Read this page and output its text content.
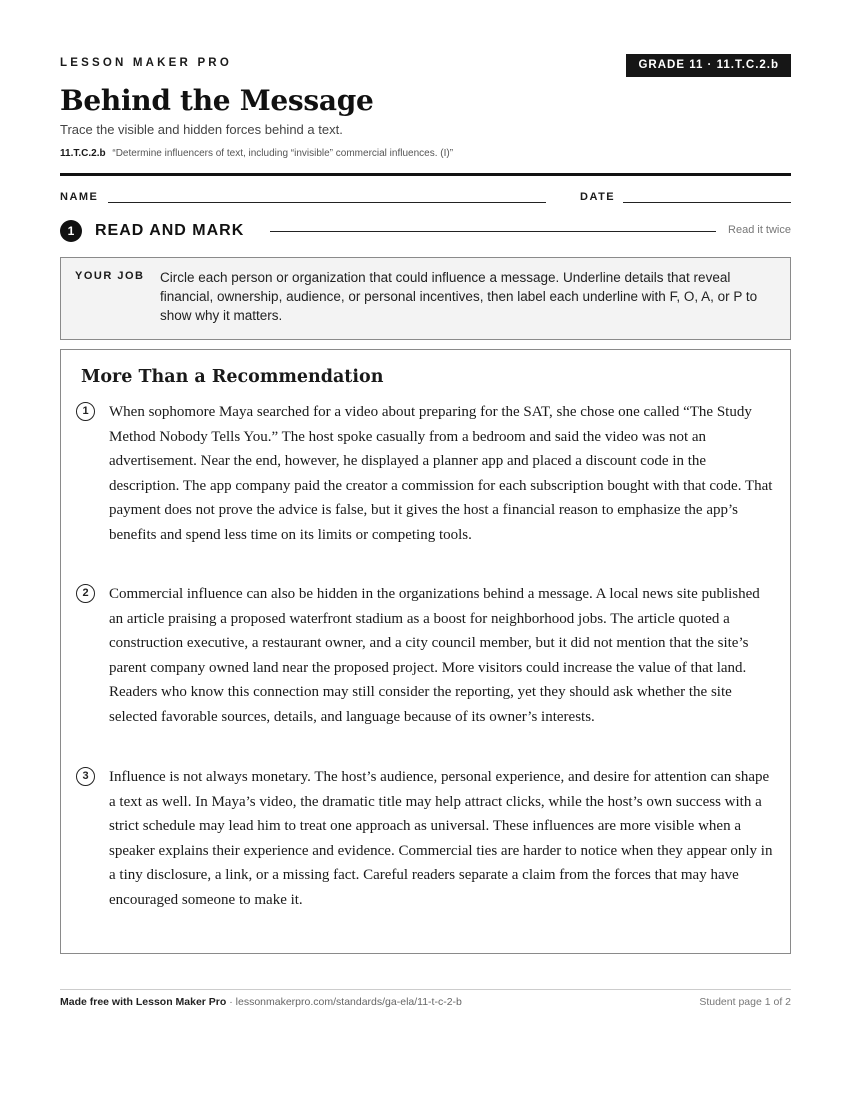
LESSON MAKER PRO	GRADE 11 · 11.T.C.2.b
Behind the Message
Trace the visible and hidden forces behind a text.
11.T.C.2.b “Determine influencers of text, including “invisible” commercial influences. (I)”
NAME	DATE
1	READ AND MARK	Read it twice
YOUR JOB Circle each person or organization that could influence a message. Underline details that reveal financial, ownership, audience, or personal incentives, then label each underline with F, O, A, or P to show why it matters.
More Than a Recommendation
1	When sophomore Maya searched for a video about preparing for the SAT, she chose one called “The Study Method Nobody Tells You.” The host spoke casually from a bedroom and said the video was not an advertisement. Near the end, however, he displayed a planner app and placed a discount code in the description. The app company paid the creator a commission for each subscription bought with that code. That payment does not prove the advice is false, but it gives the host a financial reason to emphasize the app’s benefits and spend less time on its limits or competing tools.

2	Commercial influence can also be hidden in the organizations behind a message. A local news site published an article praising a proposed waterfront stadium as a boost for neighborhood jobs. The article quoted a construction executive, a restaurant owner, and a city council member, but it did not mention that the site’s parent company owned land near the proposed project. More visitors could increase the value of that land. Readers who know this connection may still consider the reporting, yet they should ask whether the site selected favorable sources, details, and language because of its owner’s interests.

3	Influence is not always monetary. The host’s audience, personal experience, and desire for attention can shape a text as well. In Maya’s video, the dramatic title may help attract clicks, while the host’s own success with a strict schedule may lead him to treat one approach as universal. These influences are more visible when a speaker explains their experience and evidence. Commercial ties are harder to notice when they appear only in a tiny disclosure, a link, or a missing fact. Careful readers separate a claim from the forces that may have encouraged someone to make it.

Made free with Lesson Maker Pro · lessonmakerpro.com/standards/ga-ela/11-t-c-2-b	Student page 1 of 2
